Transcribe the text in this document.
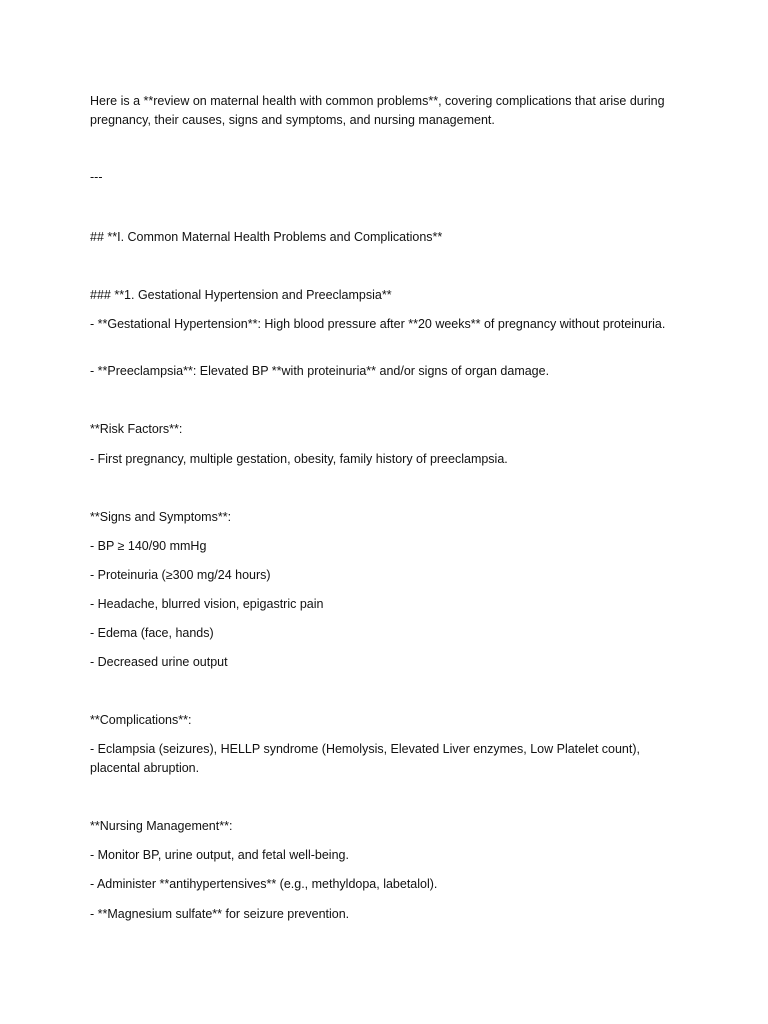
Here is a **review on maternal health with common problems**, covering complications that arise during pregnancy, their causes, signs and symptoms, and nursing management.
---
## **I. Common Maternal Health Problems and Complications**
### **1. Gestational Hypertension and Preeclampsia**
- **Gestational Hypertension**: High blood pressure after **20 weeks** of pregnancy without proteinuria.
- **Preeclampsia**: Elevated BP **with proteinuria** and/or signs of organ damage.
**Risk Factors**:
- First pregnancy, multiple gestation, obesity, family history of preeclampsia.
**Signs and Symptoms**:
- BP ≥ 140/90 mmHg
- Proteinuria (≥300 mg/24 hours)
- Headache, blurred vision, epigastric pain
- Edema (face, hands)
- Decreased urine output
**Complications**:
- Eclampsia (seizures), HELLP syndrome (Hemolysis, Elevated Liver enzymes, Low Platelet count), placental abruption.
**Nursing Management**:
- Monitor BP, urine output, and fetal well-being.
- Administer **antihypertensives** (e.g., methyldopa, labetalol).
- **Magnesium sulfate** for seizure prevention.
